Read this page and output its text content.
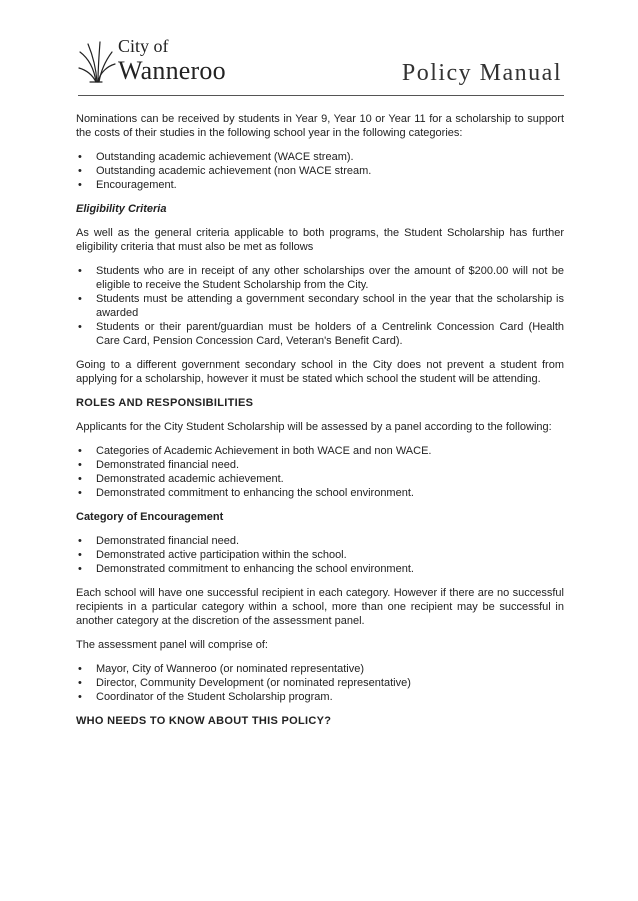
City of
Wanneroo	Policy Manual

Nominations can be received by students in Year 9, Year 10 or Year 11 for a scholarship to support the costs of their studies in the following school year in the following categories:

• Outstanding academic achievement (WACE stream).
• Outstanding academic achievement (non WACE stream.
• Encouragement.
Eligibility Criteria

As well as the general criteria applicable to both programs, the Student Scholarship has further eligibility criteria that must also be met as follows

• Students who are in receipt of any other scholarships over the amount of $200.00 will not be eligible to receive the Student Scholarship from the City.
• Students must be attending a government secondary school in the year that the scholarship is awarded
• Students or their parent/guardian must be holders of a Centrelink Concession Card (Health Care Card, Pension Concession Card, Veteran's Benefit Card).

Going to a different government secondary school in the City does not prevent a student from applying for a scholarship, however it must be stated which school the student will be attending.

ROLES AND RESPONSIBILITIES

Applicants for the City Student Scholarship will be assessed by a panel according to the following:

• Categories of Academic Achievement in both WACE and non WACE.
• Demonstrated financial need.
• Demonstrated academic achievement.
• Demonstrated commitment to enhancing the school environment.
Category of Encouragement
• Demonstrated financial need.
• Demonstrated active participation within the school.
• Demonstrated commitment to enhancing the school environment.

Each school will have one successful recipient in each category. However if there are no successful recipients in a particular category within a school, more than one recipient may be successful in another category at the discretion of the assessment panel.

The assessment panel will comprise of:

• Mayor, City of Wanneroo (or nominated representative)
• Director, Community Development (or nominated representative)
• Coordinator of the Student Scholarship program.
WHO NEEDS TO KNOW ABOUT THIS POLICY?
